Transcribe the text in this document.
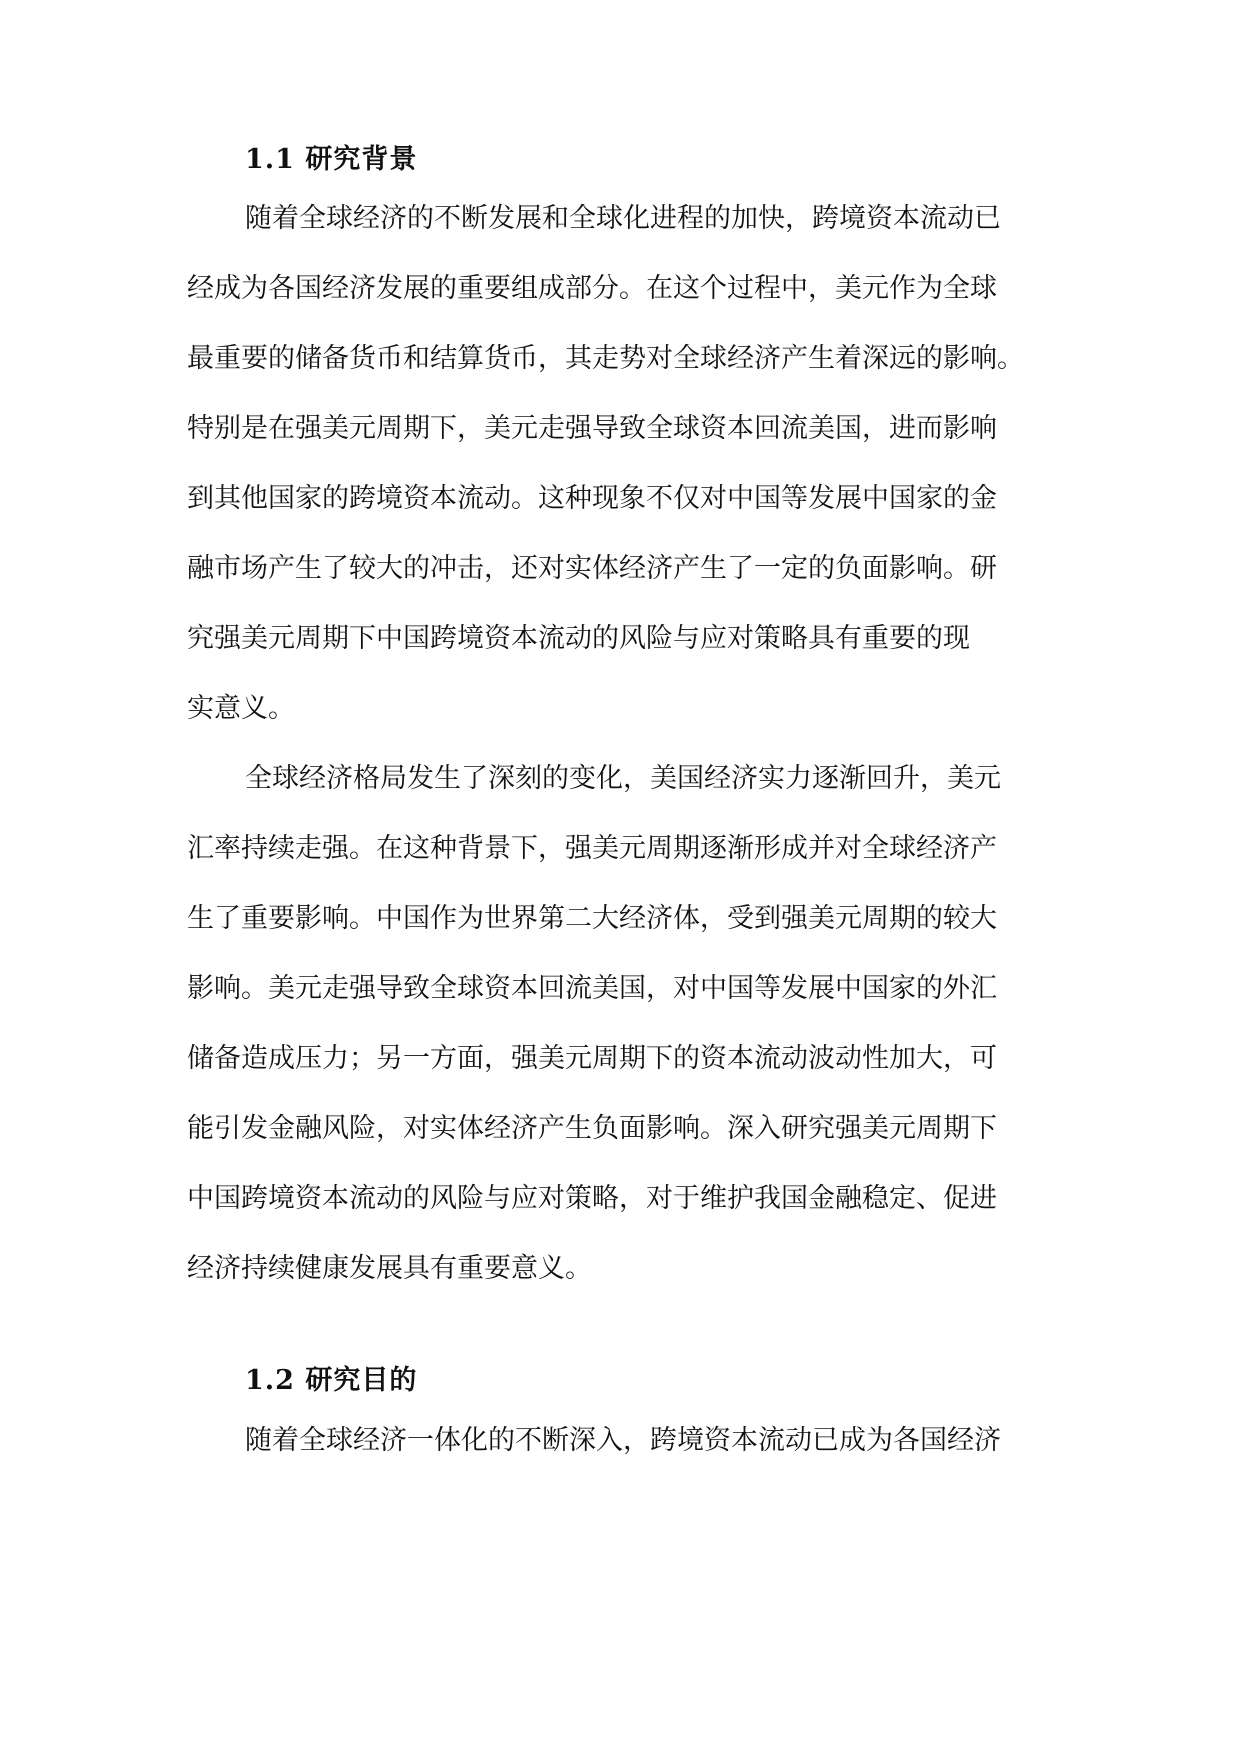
1.1 研究背景

随着全球经济的不断发展和全球化进程的加快，跨境资本流动已

经成为各国经济发展的重要组成部分。在这个过程中，美元作为全球

最重要的储备货币和结算货币，其走势对全球经济产生着深远的影响。

特别是在强美元周期下，美元走强导致全球资本回流美国，进而影响

到其他国家的跨境资本流动。这种现象不仅对中国等发展中国家的金

融市场产生了较大的冲击，还对实体经济产生了一定的负面影响。研

究强美元周期下中国跨境资本流动的风险与应对策略具有重要的现

实意义。

全球经济格局发生了深刻的变化，美国经济实力逐渐回升，美元

汇率持续走强。在这种背景下，强美元周期逐渐形成并对全球经济产

生了重要影响。中国作为世界第二大经济体，受到强美元周期的较大

影响。美元走强导致全球资本回流美国，对中国等发展中国家的外汇

储备造成压力；另一方面，强美元周期下的资本流动波动性加大，可

能引发金融风险，对实体经济产生负面影响。深入研究强美元周期下

中国跨境资本流动的风险与应对策略，对于维护我国金融稳定、促进

经济持续健康发展具有重要意义。

1.2 研究目的

随着全球经济一体化的不断深入，跨境资本流动已成为各国经济
